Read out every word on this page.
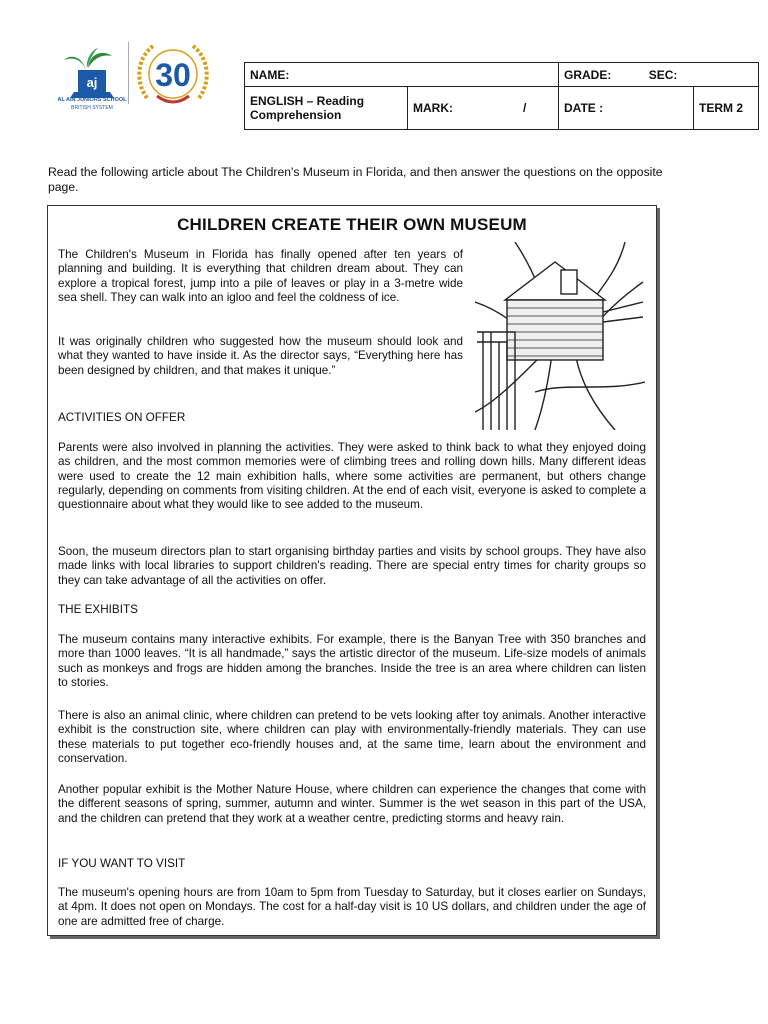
aj
AL AIN JUNIORS SCHOOL
BRITISH SYSTEM
30	NAME:			GRADE: SEC:	
ENGLISH – Reading Comprehension	MARK:	/	DATE :	TERM 2
Read the following article about The Children's Museum in Florida, and then answer the questions on the opposite page.
CHILDREN CREATE THEIR OWN MUSEUM
The Children's Museum in Florida has finally opened after ten years of planning and building. It is everything that children dream about. They can explore a tropical forest, jump into a pile of leaves or play in a 3-metre wide sea shell. They can walk into an igloo and feel the coldness of ice.
It was originally children who suggested how the museum should look and what they wanted to have inside it. As the director says, “Everything here has been designed by children, and that makes it unique.”
ACTIVITIES ON OFFER
Parents were also involved in planning the activities. They were asked to think back to what they enjoyed doing as children, and the most common memories were of climbing trees and rolling down hills. Many different ideas were used to create the 12 main exhibition halls, where some activities are permanent, but others change regularly, depending on comments from visiting children. At the end of each visit, everyone is asked to complete a questionnaire about what they would like to see added to the museum.
Soon, the museum directors plan to start organising birthday parties and visits by school groups. They have also made links with local libraries to support children's reading. There are special entry times for charity groups so they can take advantage of all the activities on offer.
THE EXHIBITS
The museum contains many interactive exhibits. For example, there is the Banyan Tree with 350 branches and more than 1000 leaves. “It is all handmade,” says the artistic director of the museum. Life-size models of animals such as monkeys and frogs are hidden among the branches. Inside the tree is an area where children can listen to stories.
There is also an animal clinic, where children can pretend to be vets looking after toy animals. Another interactive exhibit is the construction site, where children can play with environmentally-friendly materials. They can use these materials to put together eco-friendly houses and, at the same time, learn about the environment and conservation.
Another popular exhibit is the Mother Nature House, where children can experience the changes that come with the different seasons of spring, summer, autumn and winter. Summer is the wet season in this part of the USA, and the children can pretend that they work at a weather centre, predicting storms and heavy rain.
IF YOU WANT TO VISIT
The museum's opening hours are from 10am to 5pm from Tuesday to Saturday, but it closes earlier on Sundays, at 4pm. It does not open on Mondays. The cost for a half-day visit is 10 US dollars, and children under the age of one are admitted free of charge.
